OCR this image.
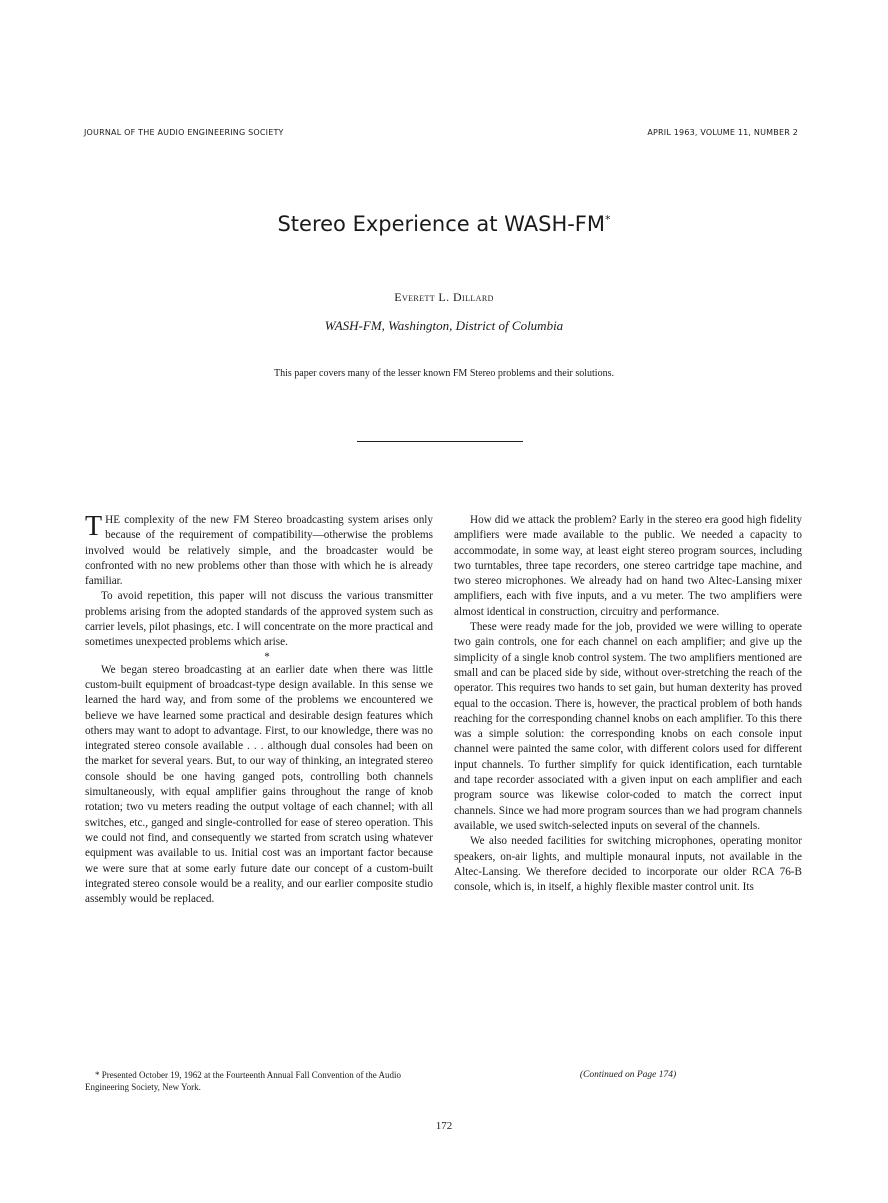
JOURNAL OF THE AUDIO ENGINEERING SOCIETY	APRIL 1963, VOLUME 11, NUMBER 2
Stereo Experience at WASH-FM*
Everett L. Dillard
WASH-FM, Washington, District of Columbia
This paper covers many of the lesser known FM Stereo problems and their solutions.

THE complexity of the new FM Stereo broadcasting system arises only because of the requirement of compatibility—otherwise the problems involved would be relatively simple, and the broadcaster would be confronted with no new problems other than those with which he is already familiar.

To avoid repetition, this paper will not discuss the various transmitter problems arising from the adopted standards of the approved system such as carrier levels, pilot phasings, etc. I will concentrate on the more practical and sometimes unexpected problems which arise.

*

We began stereo broadcasting at an earlier date when there was little custom-built equipment of broadcast-type design available. In this sense we learned the hard way, and from some of the problems we encountered we believe we have learned some practical and desirable design features which others may want to adopt to advantage. First, to our knowledge, there was no integrated stereo console available . . . although dual consoles had been on the market for several years. But, to our way of thinking, an integrated stereo console should be one having ganged pots, controlling both channels simultaneously, with equal amplifier gains throughout the range of knob rotation; two vu meters reading the output voltage of each channel; with all switches, etc., ganged and single-controlled for ease of stereo operation. This we could not find, and consequently we started from scratch using whatever equipment was available to us. Initial cost was an important factor because we were sure that at some early future date our concept of a custom-built integrated stereo console would be a reality, and our earlier composite studio assembly would be replaced.

How did we attack the problem? Early in the stereo era good high fidelity amplifiers were made available to the public. We needed a capacity to accommodate, in some way, at least eight stereo program sources, including two turntables, three tape recorders, one stereo cartridge tape machine, and two stereo microphones. We already had on hand two Altec-Lansing mixer amplifiers, each with five inputs, and a vu meter. The two amplifiers were almost identical in construction, circuitry and performance.

These were ready made for the job, provided we were willing to operate two gain controls, one for each channel on each amplifier; and give up the simplicity of a single knob control system. The two amplifiers mentioned are small and can be placed side by side, without over-stretching the reach of the operator. This requires two hands to set gain, but human dexterity has proved equal to the occasion. There is, however, the practical problem of both hands reaching for the corresponding channel knobs on each amplifier. To this there was a simple solution: the corresponding knobs on each console input channel were painted the same color, with different colors used for different input channels. To further simplify for quick identification, each turntable and tape recorder associated with a given input on each amplifier and each program source was likewise color-coded to match the correct input channels. Since we had more program sources than we had program channels available, we used switch-selected inputs on several of the channels.

We also needed facilities for switching microphones, operating monitor speakers, on-air lights, and multiple monaural inputs, not available in the Altec-Lansing. We therefore decided to incorporate our older RCA 76-B console, which is, in itself, a highly flexible master control unit. Its

* Presented October 19, 1962 at the Fourteenth Annual Fall Convention of the Audio Engineering Society, New York.
(Continued on Page 174)
172
